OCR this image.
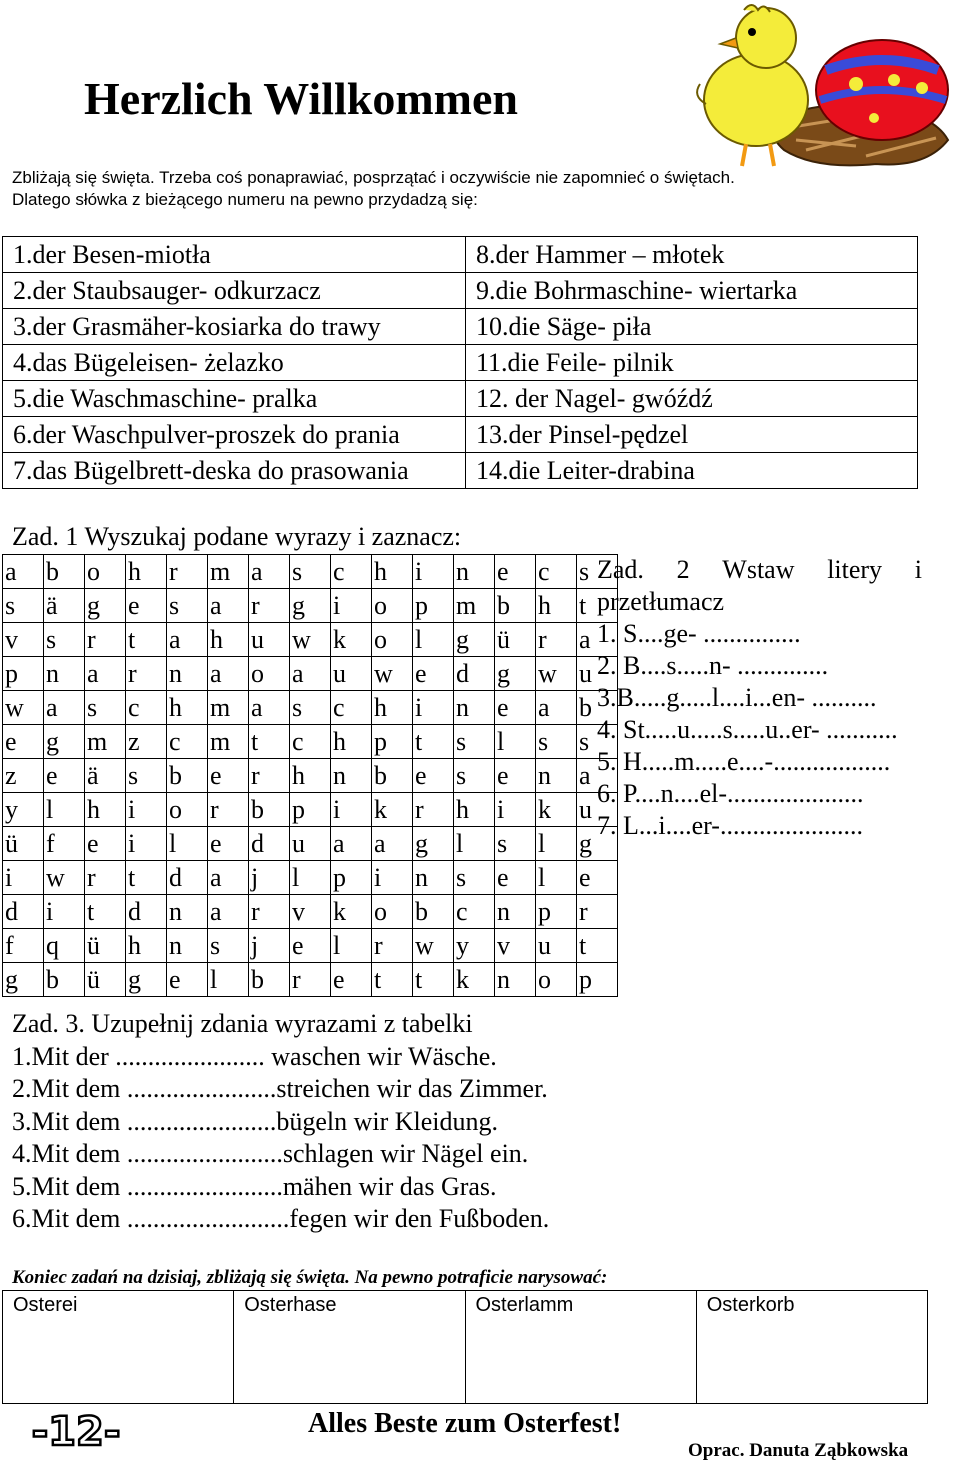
Herzlich Willkommen
Zbliżają się święta. Trzeba coś ponaprawiać, posprzątać i oczywiście nie zapomnieć o świętach.
Dlatego słówka z bieżącego numeru na pewno przydadzą się:
1.der Besen-miotła	8.der Hammer – młotek
2.der Staubsauger- odkurzacz	9.die Bohrmaschine- wiertarka
3.der Grasmäher-kosiarka do trawy	10.die Säge- piła
4.das Bügeleisen- żelazko	11.die Feile- pilnik
5.die Waschmaschine- pralka	12. der Nagel- gwóźdź
6.der Waschpulver-proszek do prania	13.der Pinsel-pędzel
7.das Bügelbrett-deska do prasowania	14.die Leiter-drabina
Zad. 1 Wyszukaj podane wyrazy i zaznacz:
a	b	o	h	r	m	a	s	c	h	i	n	e	c	s
s	ä	g	e	s	a	r	g	i	o	p	m	b	h	t
v	s	r	t	a	h	u	w	k	o	l	g	ü	r	a
p	n	a	r	n	a	o	a	u	w	e	d	g	w	u
w	a	s	c	h	m	a	s	c	h	i	n	e	a	b
e	g	m	z	c	m	t	c	h	p	t	s	l	s	s
z	e	ä	s	b	e	r	h	n	b	e	s	e	n	a
y	l	h	i	o	r	b	p	i	k	r	h	i	k	u
ü	f	e	i	l	e	d	u	a	a	g	l	s	l	g
i	w	r	t	d	a	j	l	p	i	n	s	e	l	e
d	i	t	d	n	a	r	v	k	o	b	c	n	p	r
f	q	ü	h	n	s	j	e	l	r	w	y	v	u	t
g	b	ü	g	e	l	b	r	e	t	t	k	n	o	p
Zad. 2 Wstaw litery i
przetłumacz
1. S....ge- ...............
2. B....s.....n- ..............
3.B.....g.....l....i...en- ..........
4. St.....u.....s.....u..er- ...........
5. H.....m.....e....-..................
6. P....n....el-.....................
7. L...i....er-......................
Zad. 3. Uzupełnij zdania wyrazami z tabelki
1.Mit der ....................... waschen wir Wäsche.
2.Mit dem .......................streichen wir das Zimmer.
3.Mit dem .......................bügeln wir Kleidung.
4.Mit dem ........................schlagen wir Nägel ein.
5.Mit dem ........................mähen wir das Gras.
6.Mit dem .........................fegen wir den Fußboden.
Koniec zadań na dzisiaj, zbliżają się święta. Na pewno potraficie narysować:
Osterei	Osterhase	Osterlamm	Osterkorb
-12-	Alles Beste zum Osterfest!
Oprac. Danuta Ząbkowska
